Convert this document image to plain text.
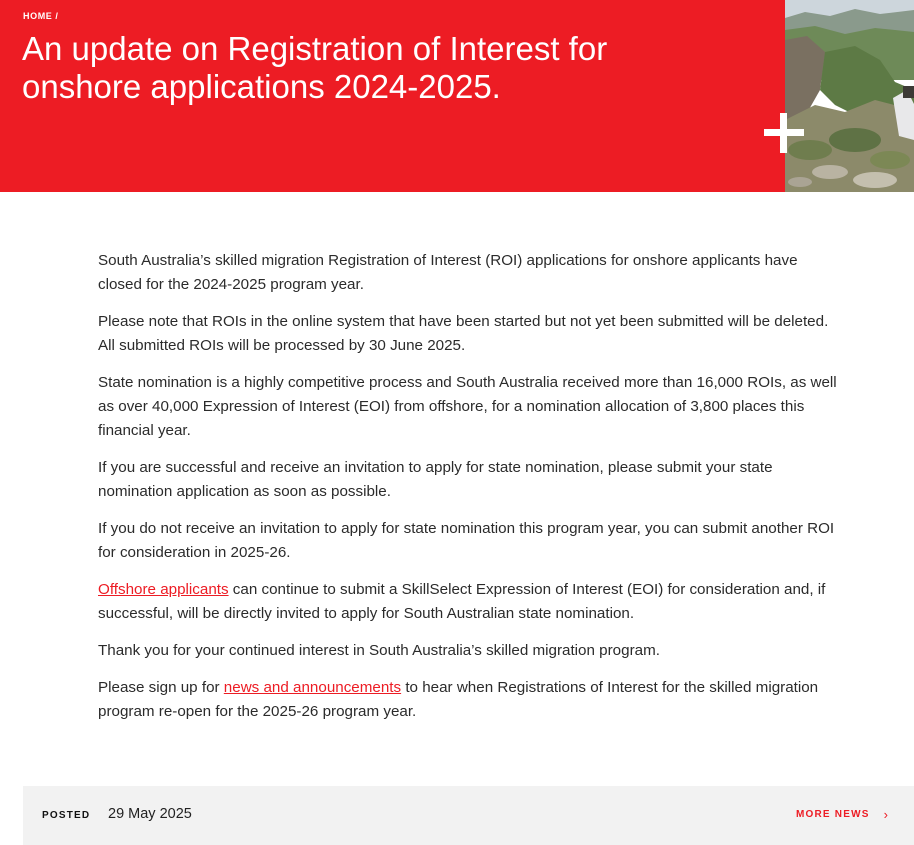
HOME /
An update on Registration of Interest for onshore applications 2024-2025.

South Australia’s skilled migration Registration of Interest (ROI) applications for onshore applicants have closed for the 2024-2025 program year.

Please note that ROIs in the online system that have been started but not yet been submitted will be deleted. All submitted ROIs will be processed by 30 June 2025.

State nomination is a highly competitive process and South Australia received more than 16,000 ROIs, as well as over 40,000 Expression of Interest (EOI) from offshore, for a nomination allocation of 3,800 places this financial year.

If you are successful and receive an invitation to apply for state nomination, please submit your state nomination application as soon as possible.

If you do not receive an invitation to apply for state nomination this program year, you can submit another ROI for consideration in 2025-26.

Offshore applicants can continue to submit a SkillSelect Expression of Interest (EOI) for consideration and, if successful, will be directly invited to apply for South Australian state nomination.

Thank you for your continued interest in South Australia’s skilled migration program.

Please sign up for news and announcements to hear when Registrations of Interest for the skilled migration program re-open for the 2025-26 program year.

POSTED 29 May 2025	MORE NEWS ›
